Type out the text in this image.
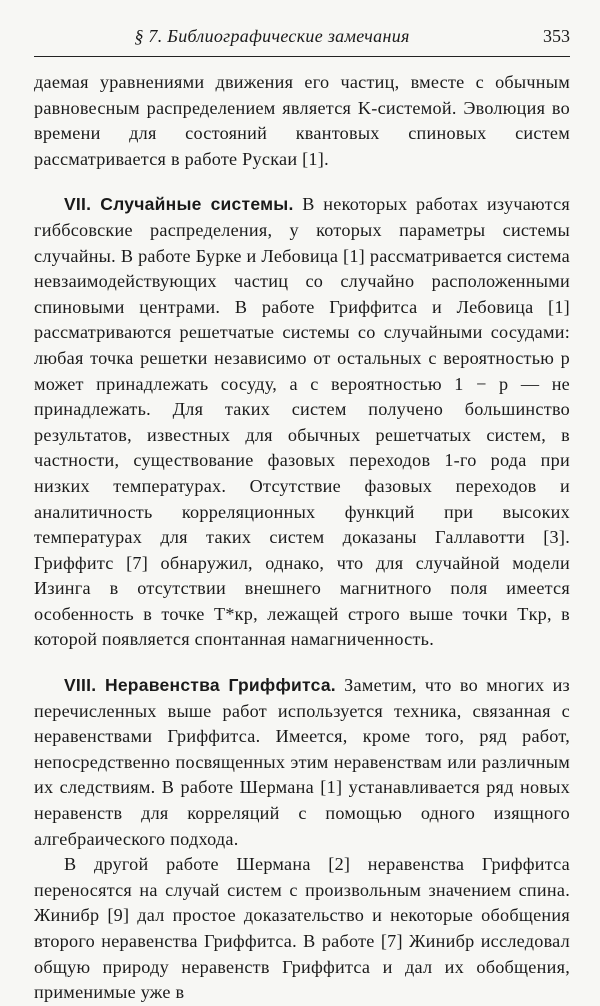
§ 7. Библиографические замечания	353

даемая уравнениями движения его частиц, вместе с обычным равновесным распределением является K-системой. Эволюция во времени для состояний квантовых спиновых систем рассматривается в работе Рускаи [1].

VII. Случайные системы. В некоторых работах изучаются гиббсовские распределения, у которых параметры системы случайны. В работе Бурке и Лебовица [1] рассматривается система невзаимодействующих частиц со случайно расположенными спиновыми центрами. В работе Гриффитса и Лебовица [1] рассматриваются решетчатые системы со случайными сосудами: любая точка решетки независимо от остальных с вероятностью p может принадлежать сосуду, а с вероятностью 1 − p — не принадлежать. Для таких систем получено большинство результатов, известных для обычных решетчатых систем, в частности, существование фазовых переходов 1-го рода при низких температурах. Отсутствие фазовых переходов и аналитичность корреляционных функций при высоких температурах для таких систем доказаны Галлавотти [3]. Гриффитс [7] обнаружил, однако, что для случайной модели Изинга в отсутствии внешнего магнитного поля имеется особенность в точке T*кр, лежащей строго выше точки Tкр, в которой появляется спонтанная намагниченность.

VIII. Неравенства Гриффитса. Заметим, что во многих из перечисленных выше работ используется техника, связанная с неравенствами Гриффитса. Имеется, кроме того, ряд работ, непосредственно посвященных этим неравенствам или различным их следствиям. В работе Шермана [1] устанавливается ряд новых неравенств для корреляций с помощью одного изящного алгебраического подхода.

В другой работе Шермана [2] неравенства Гриффитса переносятся на случай систем с произвольным значением спина. Жинибр [9] дал простое доказательство и некоторые обобщения второго неравенства Гриффитса. В работе [7] Жинибр исследовал общую природу неравенств Гриффитса и дал их обобщения, применимые уже в
